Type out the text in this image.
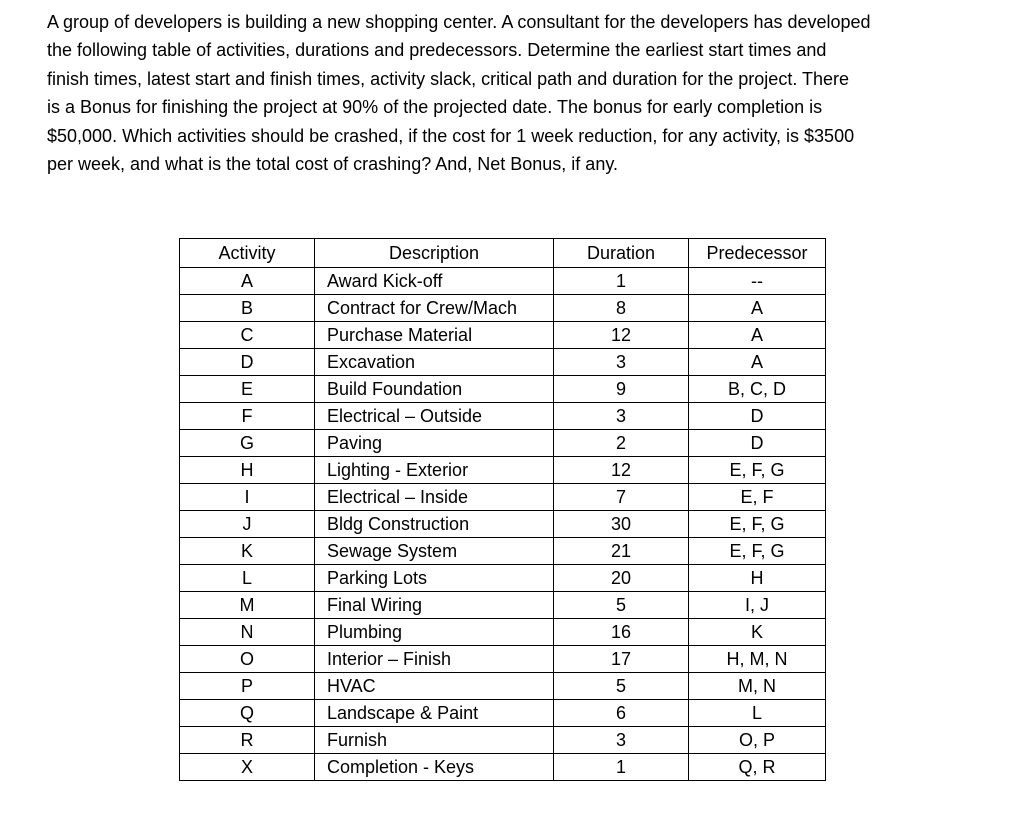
A group of developers is building a new shopping center. A consultant for the developers has developed
the following table of activities, durations and predecessors. Determine the earliest start times and
finish times, latest start and finish times, activity slack, critical path and duration for the project. There
is a Bonus for finishing the project at 90% of the projected date. The bonus for early completion is
$50,000. Which activities should be crashed, if the cost for 1 week reduction, for any activity, is $3500
per week, and what is the total cost of crashing? And, Net Bonus, if any.
Activity	Description	Duration	Predecessor
A	Award Kick-off	1	--
B	Contract for Crew/Mach	8	A
C	Purchase Material	12	A
D	Excavation	3	A
E	Build Foundation	9	B, C, D
F	Electrical – Outside	3	D
G	Paving	2	D
H	Lighting - Exterior	12	E, F, G
I	Electrical – Inside	7	E, F
J	Bldg Construction	30	E, F, G
K	Sewage System	21	E, F, G
L	Parking Lots	20	H
M	Final Wiring	5	I, J
N	Plumbing	16	K
O	Interior – Finish	17	H, M, N
P	HVAC	5	M, N
Q	Landscape & Paint	6	L
R	Furnish	3	O, P
X	Completion - Keys	1	Q, R
